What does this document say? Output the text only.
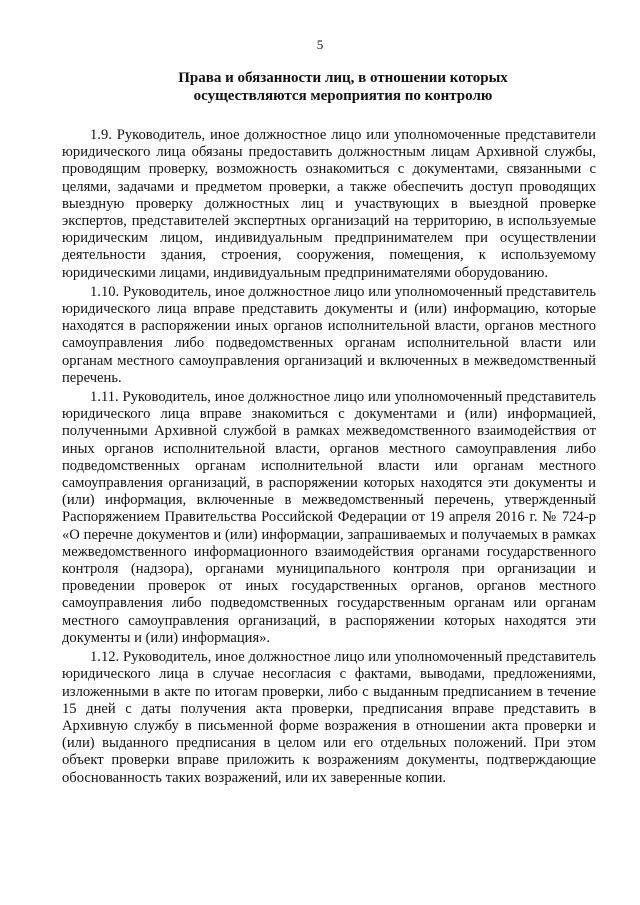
5
Права и обязанности лиц, в отношении которых
осуществляются мероприятия по контролю

1.9. Руководитель, иное должностное лицо или уполномоченные представители юридического лица обязаны предоставить должностным лицам Архивной службы, проводящим проверку, возможность ознакомиться с документами, связанными с целями, задачами и предметом проверки, а также обеспечить доступ проводящих выездную проверку должностных лиц и участвующих в выездной проверке экспертов, представителей экспертных организаций на территорию, в используемые юридическим лицом, индивидуальным предпринимателем при осуществлении деятельности здания, строения, сооружения, помещения, к используемому юридическими лицами, индивидуальным предпринимателями оборудованию.

1.10. Руководитель, иное должностное лицо или уполномоченный представитель юридического лица вправе представить документы и (или) информацию, которые находятся в распоряжении иных органов исполнительной власти, органов местного самоуправления либо подведомственных органам исполнительной власти или органам местного самоуправления организаций и включенных в межведомственный перечень.

1.11. Руководитель, иное должностное лицо или уполномоченный представитель юридического лица вправе знакомиться с документами и (или) информацией, полученными Архивной службой в рамках межведомственного взаимодействия от иных органов исполнительной власти, органов местного самоуправления либо подведомственных органам исполнительной власти или органам местного самоуправления организаций, в распоряжении которых находятся эти документы и (или) информация, включенные в межведомственный перечень, утвержденный Распоряжением Правительства Российской Федерации от 19 апреля 2016 г. № 724-р «О перечне документов и (или) информации, запрашиваемых и получаемых в рамках межведомственного информационного взаимодействия органами государственного контроля (надзора), органами муниципального контроля при организации и проведении проверок от иных государственных органов, органов местного самоуправления либо подведомственных государственным органам или органам местного самоуправления организаций, в распоряжении которых находятся эти документы и (или) информация».

1.12. Руководитель, иное должностное лицо или уполномоченный представитель юридического лица в случае несогласия с фактами, выводами, предложениями, изложенными в акте по итогам проверки, либо с выданным предписанием в течение 15 дней с даты получения акта проверки, предписания вправе представить в Архивную службу в письменной форме возражения в отношении акта проверки и (или) выданного предписания в целом или его отдельных положений. При этом объект проверки вправе приложить к возражениям документы, подтверждающие обоснованность таких возражений, или их заверенные копии.
